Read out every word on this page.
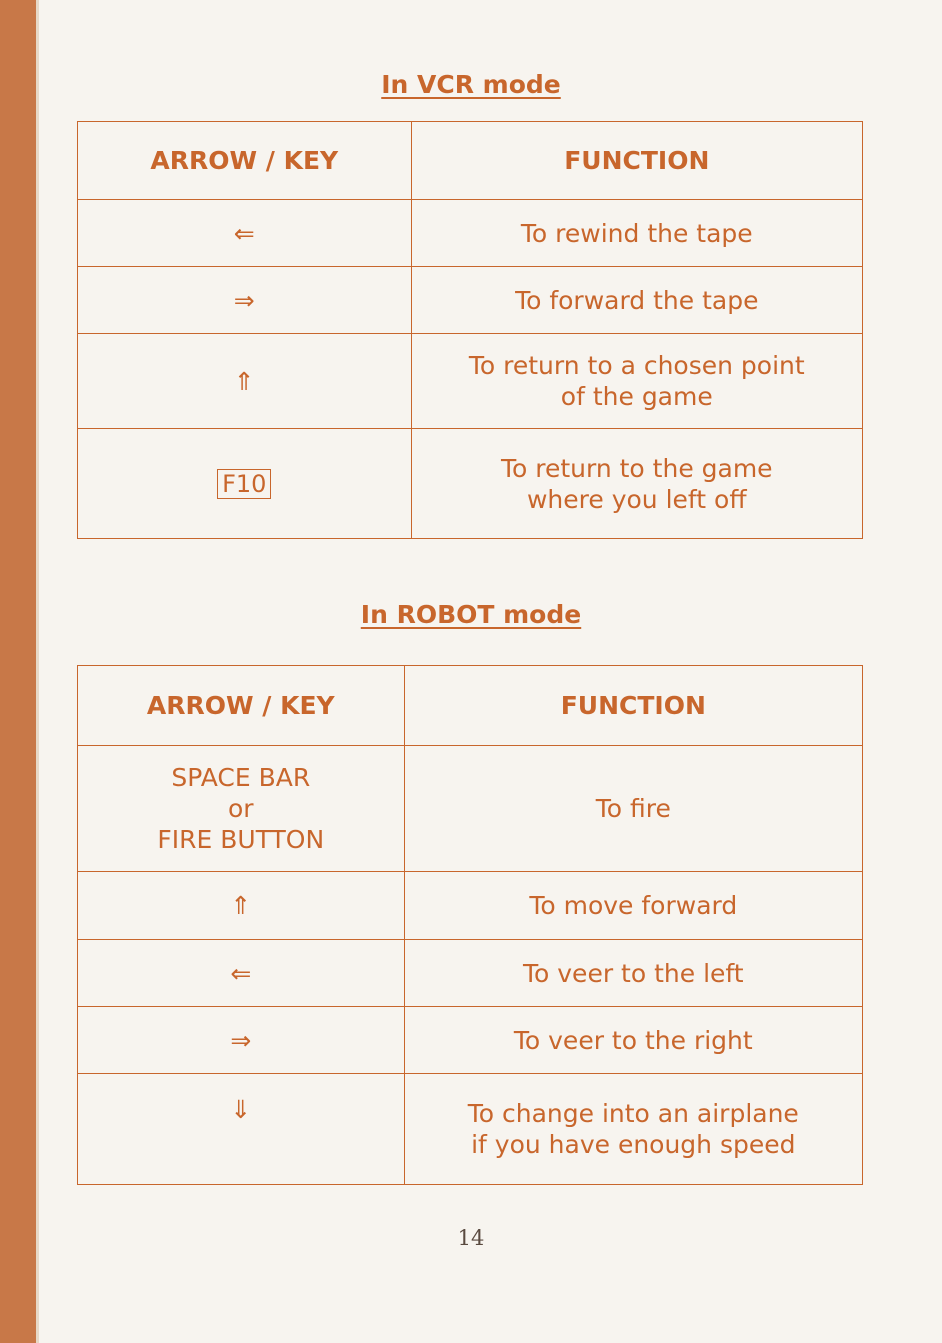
In VCR mode
ARROW / KEY	FUNCTION
⇐	To rewind the tape
⇒	To forward the tape
⇑	To return to a chosen point
of the game

F10	To return to the game
where you left off
In ROBOT mode
ARROW / KEY	FUNCTION

SPACE BAR
or
FIRE BUTTON	To fire
⇑	To move forward
⇐	To veer to the left
⇒	To veer to the right
⇓	To change into an airplane
if you have enough speed
14
